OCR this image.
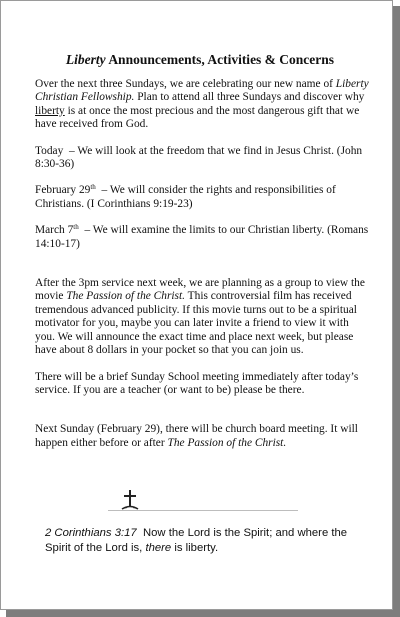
Liberty Announcements, Activities & Concerns

Over the next three Sundays, we are celebrating our new name of Liberty Christian Fellowship. Plan to attend all three Sundays and discover why liberty is at once the most precious and the most dangerous gift that we have received from God.

Today – We will look at the freedom that we find in Jesus Christ. (John 8:30-36)

February 29th – We will consider the rights and responsibilities of Christians. (I Corinthians 9:19-23)

March 7th – We will examine the limits to our Christian liberty. (Romans 14:10-17)

After the 3pm service next week, we are planning as a group to view the movie The Passion of the Christ. This controversial film has received tremendous advanced publicity. If this movie turns out to be a spiritual motivator for you, maybe you can later invite a friend to view it with you. We will announce the exact time and place next week, but please have about 8 dollars in your pocket so that you can join us.

There will be a brief Sunday School meeting immediately after today’s service. If you are a teacher (or want to be) please be there.

Next Sunday (February 29), there will be church board meeting. It will happen either before or after The Passion of the Christ.

2 Corinthians 3:17 Now the Lord is the Spirit; and where the Spirit of the Lord is, there is liberty.
